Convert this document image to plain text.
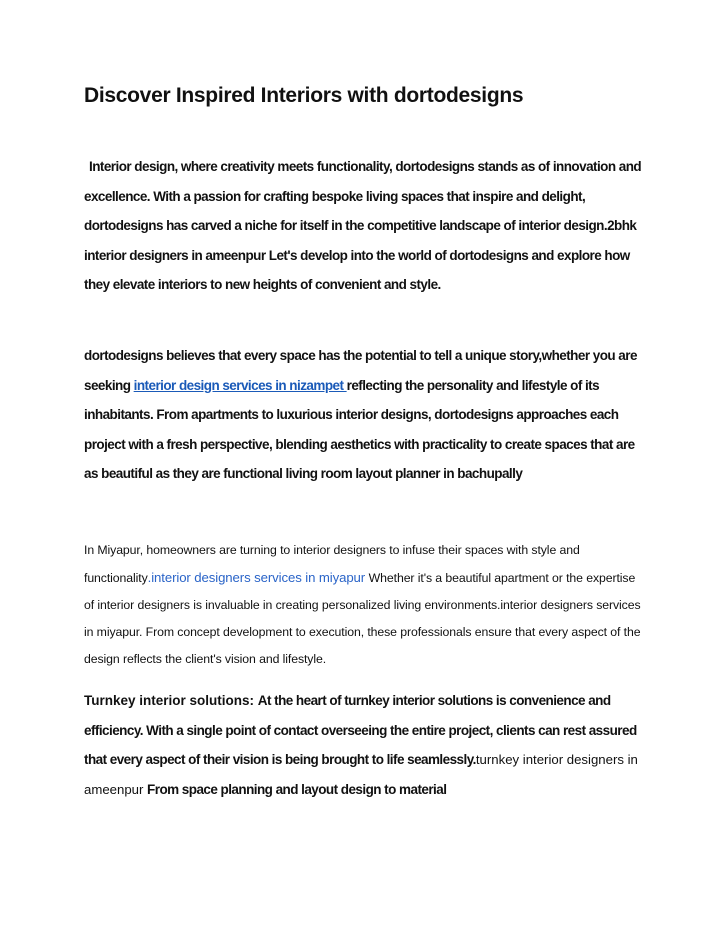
Discover Inspired Interiors with dortodesigns

Interior design, where creativity meets functionality, dortodesigns stands as of innovation and excellence. With a passion for crafting bespoke living spaces that inspire and delight, dortodesigns has carved a niche for itself in the competitive landscape of interior design.2bhk interior designers in ameenpur Let's develop into the world of dortodesigns and explore how they elevate interiors to new heights of convenient and style.

dortodesigns believes that every space has the potential to tell a unique story,whether you are seeking interior design services in nizampet reflecting the personality and lifestyle of its inhabitants. From apartments to luxurious interior designs, dortodesigns approaches each project with a fresh perspective, blending aesthetics with practicality to create spaces that are as beautiful as they are functional living room layout planner in bachupally

In Miyapur, homeowners are turning to interior designers to infuse their spaces with style and functionality.interior designers services in miyapur Whether it's a beautiful apartment or the expertise of interior designers is invaluable in creating personalized living environments.interior designers services in miyapur. From concept development to execution, these professionals ensure that every aspect of the design reflects the client's vision and lifestyle.

Turnkey interior solutions: At the heart of turnkey interior solutions is convenience and efficiency. With a single point of contact overseeing the entire project, clients can rest assured that every aspect of their vision is being brought to life seamlessly.turnkey interior designers in ameenpur From space planning and layout design to material
